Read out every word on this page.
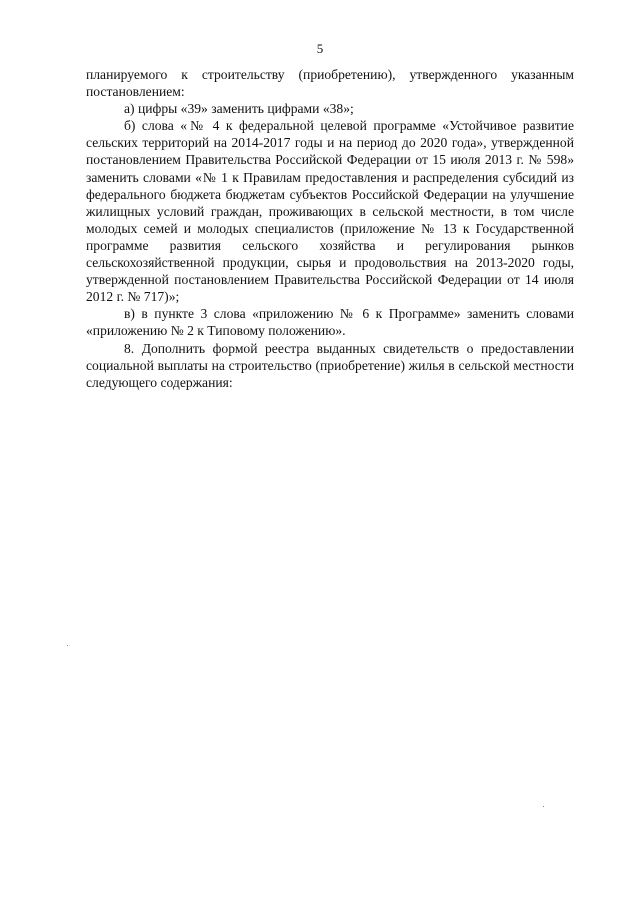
5

планируемого к строительству (приобретению), утвержденного указанным постановлением:

а) цифры «39» заменить цифрами «38»;

б) слова «№ 4 к федеральной целевой программе «Устойчивое развитие сельских территорий на 2014-2017 годы и на период до 2020 года», утвержденной постановлением Правительства Российской Федерации от 15 июля 2013 г. № 598» заменить словами «№ 1 к Правилам предоставления и распределения субсидий из федерального бюджета бюджетам субъектов Российской Федерации на улучшение жилищных условий граждан, проживающих в сельской местности, в том числе молодых семей и молодых специалистов (приложение № 13 к Государственной программе развития сельского хозяйства и регулирования рынков сельскохозяйственной продукции, сырья и продовольствия на 2013-2020 годы, утвержденной постановлением Правительства Российской Федерации от 14 июля 2012 г. № 717)»;

в) в пункте 3 слова «приложению № 6 к Программе» заменить словами «приложению № 2 к Типовому положению».

8. Дополнить формой реестра выданных свидетельств о предоставлении социальной выплаты на строительство (приобретение) жилья в сельской местности следующего содержания:
